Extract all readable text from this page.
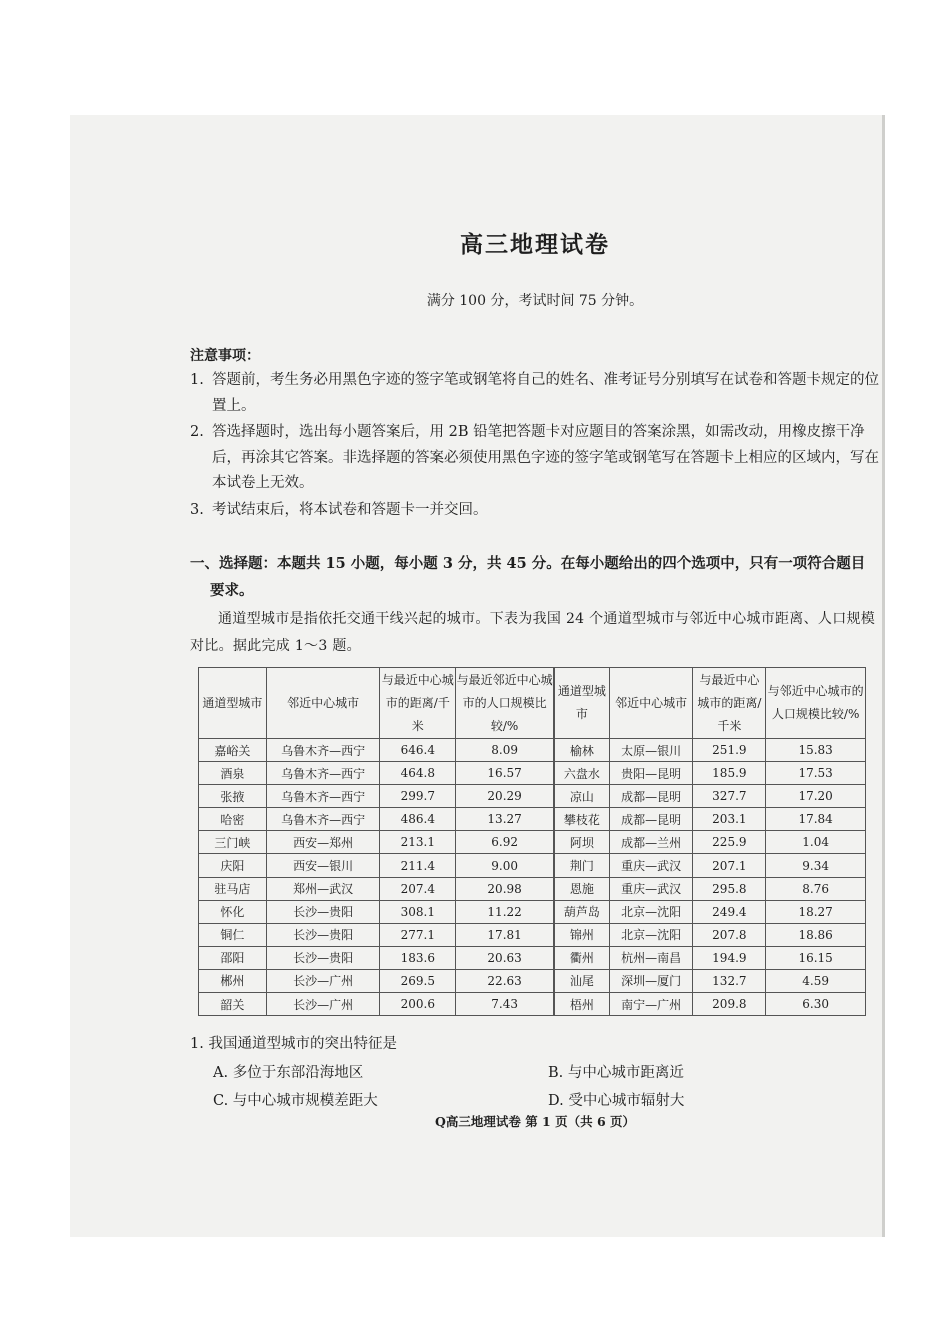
高三地理试卷
满分 100 分，考试时间 75 分钟。
注意事项：
1. 答题前，考生务必用黑色字迹的签字笔或钢笔将自己的姓名、准考证号分别填写在试卷和答题卡规定的位置上。
2. 答选择题时，选出每小题答案后，用 2B 铅笔把答题卡对应题目的答案涂黑，如需改动，用橡皮擦干净后，再涂其它答案。非选择题的答案必须使用黑色字迹的签字笔或钢笔写在答题卡上相应的区域内，写在本试卷上无效。
3. 考试结束后，将本试卷和答题卡一并交回。
一、选择题：本题共 15 小题，每小题 3 分，共 45 分。在每小题给出的四个选项中，只有一项符合题目
要求。
通道型城市是指依托交通干线兴起的城市。下表为我国 24 个通道型城市与邻近中心城市距离、人口规模对比。据此完成 1～3 题。
通道型城市	邻近中心城市	与最近中心城市的距离/千米	与最近邻近中心城市的人口规模比较/%
嘉峪关	乌鲁木齐—西宁	646.4	8.09
酒泉	乌鲁木齐—西宁	464.8	16.57
张掖	乌鲁木齐—西宁	299.7	20.29
哈密	乌鲁木齐—西宁	486.4	13.27
三门峡	西安—郑州	213.1	6.92
庆阳	西安—银川	211.4	9.00
驻马店	郑州—武汉	207.4	20.98
怀化	长沙—贵阳	308.1	11.22
铜仁	长沙—贵阳	277.1	17.81
邵阳	长沙—贵阳	183.6	20.63
郴州	长沙—广州	269.5	22.63
韶关	长沙—广州	200.6	7.43
通道型城市	邻近中心城市	与最近中心城市的距离/千米	与邻近中心城市的人口规模比较/%
榆林	太原—银川	251.9	15.83
六盘水	贵阳—昆明	185.9	17.53
凉山	成都—昆明	327.7	17.20
攀枝花	成都—昆明	203.1	17.84
阿坝	成都—兰州	225.9	1.04
荆门	重庆—武汉	207.1	9.34
恩施	重庆—武汉	295.8	8.76
葫芦岛	北京—沈阳	249.4	18.27
锦州	北京—沈阳	207.8	18.86
衢州	杭州—南昌	194.9	16.15
汕尾	深圳—厦门	132.7	4.59
梧州	南宁—广州	209.8	6.30
1. 我国通道型城市的突出特征是
A. 多位于东部沿海地区	B. 与中心城市距离近
C. 与中心城市规模差距大	D. 受中心城市辐射大
Q高三地理试卷 第 1 页（共 6 页）
